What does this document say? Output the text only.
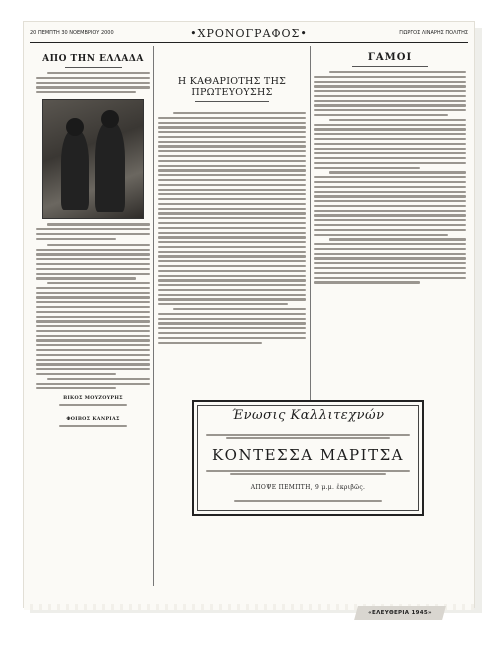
20 ΠΕΜΠΤΗ 30 ΝΟΕΜΒΡΙΟΥ 2000	•ΧΡΟΝΟΓΡΑΦΟΣ•	ΓΙΩΡΓΟΣ ΛΙΝΑΡΗΣ ΠΟΛΙΤΗΣ
ΑΠΟ ΤΗΝ ΕΛΛΑΔΑ
ΒΙΚΟΣ ΜΟΥΖΟΥΡΗΣ
ΦΟΙΒΟΣ ΚΑΝΡΙΑΣ
Η ΚΑΘΑΡΙΟΤΗΣ ΤΗΣ ΠΡΩΤΕΥΟΥΣΗΣ
ΓΑΜΟΙ
Ένωσις Καλλιτεχνών
ΚΟΝΤΕΣΣΑ ΜΑΡΙΤΣΑ
ΑΠΟΨΕ ΠΕΜΠΤΗ, 9 μ.μ. ἐκριβῶς.
«ΕΛΕΥΘΕΡΙΑ 1945»
